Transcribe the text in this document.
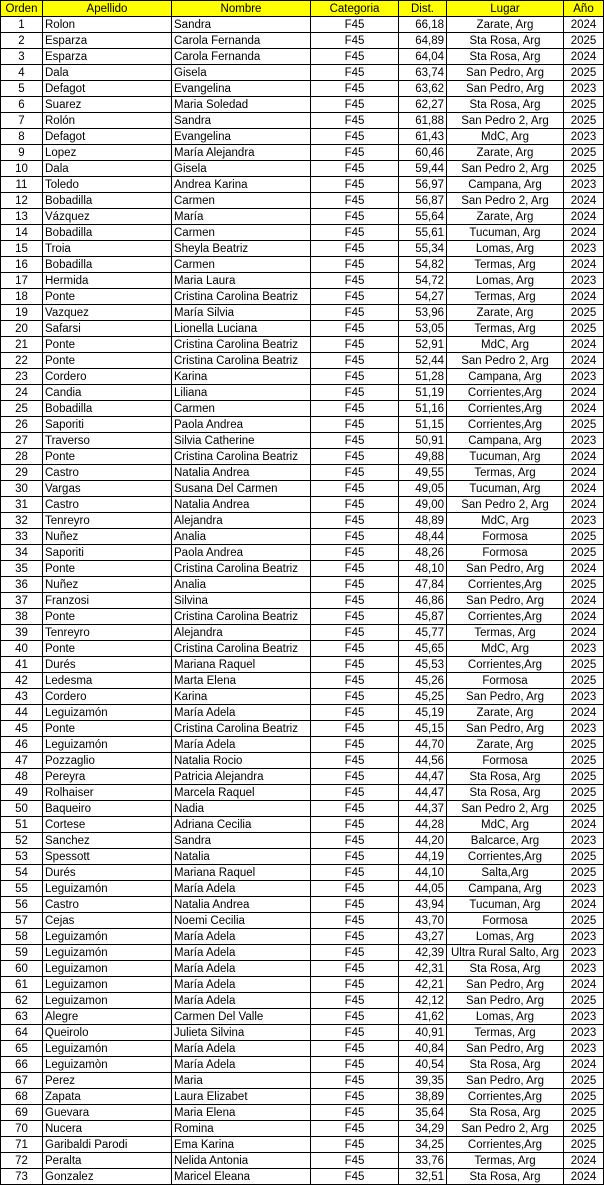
Orden	Apellido	Nombre	Categoria	Dist.	Lugar	Año
1	Rolon	Sandra	F45	66,18	Zarate, Arg	2024
2	Esparza	Carola Fernanda	F45	64,89	Sta Rosa, Arg	2025
3	Esparza	Carola Fernanda	F45	64,04	Sta Rosa, Arg	2024
4	Dala	Gisela	F45	63,74	San Pedro, Arg	2025
5	Defagot	Evangelina	F45	63,62	San Pedro, Arg	2023
6	Suarez	Maria Soledad	F45	62,27	Sta Rosa, Arg	2025
7	Rolón	Sandra	F45	61,88	San Pedro 2, Arg	2025
8	Defagot	Evangelina	F45	61,43	MdC, Arg	2023
9	Lopez	María Alejandra	F45	60,46	Zarate, Arg	2025
10	Dala	Gisela	F45	59,44	San Pedro 2, Arg	2025
11	Toledo	Andrea Karina	F45	56,97	Campana, Arg	2023
12	Bobadilla	Carmen	F45	56,87	San Pedro 2, Arg	2024
13	Vázquez	María	F45	55,64	Zarate, Arg	2024
14	Bobadilla	Carmen	F45	55,61	Tucuman, Arg	2024
15	Troia	Sheyla Beatriz	F45	55,34	Lomas, Arg	2023
16	Bobadilla	Carmen	F45	54,82	Termas, Arg	2024
17	Hermida	Maria Laura	F45	54,72	Lomas, Arg	2023
18	Ponte	Cristina Carolina Beatriz	F45	54,27	Termas, Arg	2024
19	Vazquez	María Silvia	F45	53,96	Zarate, Arg	2025
20	Safarsi	Lionella Luciana	F45	53,05	Termas, Arg	2025
21	Ponte	Cristina Carolina Beatriz	F45	52,91	MdC, Arg	2024
22	Ponte	Cristina Carolina Beatriz	F45	52,44	San Pedro 2, Arg	2024
23	Cordero	Karina	F45	51,28	Campana, Arg	2023
24	Candia	Liliana	F45	51,19	Corrientes,Arg	2024
25	Bobadilla	Carmen	F45	51,16	Corrientes,Arg	2024
26	Saporiti	Paola Andrea	F45	51,15	Corrientes,Arg	2025
27	Traverso	Silvia Catherine	F45	50,91	Campana, Arg	2023
28	Ponte	Cristina Carolina Beatriz	F45	49,88	Tucuman, Arg	2024
29	Castro	Natalia Andrea	F45	49,55	Termas, Arg	2024
30	Vargas	Susana Del Carmen	F45	49,05	Tucuman, Arg	2024
31	Castro	Natalia Andrea	F45	49,00	San Pedro 2, Arg	2024
32	Tenreyro	Alejandra	F45	48,89	MdC, Arg	2023
33	Nuñez	Analia	F45	48,44	Formosa	2025
34	Saporiti	Paola Andrea	F45	48,26	Formosa	2025
35	Ponte	Cristina Carolina Beatriz	F45	48,10	San Pedro, Arg	2024
36	Nuñez	Analia	F45	47,84	Corrientes,Arg	2025
37	Franzosi	Silvina	F45	46,86	San Pedro, Arg	2024
38	Ponte	Cristina Carolina Beatriz	F45	45,87	Corrientes,Arg	2024
39	Tenreyro	Alejandra	F45	45,77	Termas, Arg	2024
40	Ponte	Cristina Carolina Beatriz	F45	45,65	MdC, Arg	2023
41	Durés	Mariana Raquel	F45	45,53	Corrientes,Arg	2025
42	Ledesma	Marta Elena	F45	45,26	Formosa	2025
43	Cordero	Karina	F45	45,25	San Pedro, Arg	2023
44	Leguizamón	María Adela	F45	45,19	Zarate, Arg	2024
45	Ponte	Cristina Carolina Beatriz	F45	45,15	San Pedro, Arg	2023
46	Leguizamón	María Adela	F45	44,70	Zarate, Arg	2025
47	Pozzaglio	Natalia Rocio	F45	44,56	Formosa	2025
48	Pereyra	Patricia Alejandra	F45	44,47	Sta Rosa, Arg	2025
49	Rolhaiser	Marcela Raquel	F45	44,47	Sta Rosa, Arg	2025
50	Baqueiro	Nadia	F45	44,37	San Pedro 2, Arg	2025
51	Cortese	Adriana Cecilia	F45	44,28	MdC, Arg	2024
52	Sanchez	Sandra	F45	44,20	Balcarce, Arg	2023
53	Spessott	Natalia	F45	44,19	Corrientes,Arg	2025
54	Durés	Mariana Raquel	F45	44,10	Salta,Arg	2025
55	Leguizamón	María Adela	F45	44,05	Campana, Arg	2023
56	Castro	Natalia Andrea	F45	43,94	Tucuman, Arg	2024
57	Cejas	Noemi Cecilia	F45	43,70	Formosa	2025
58	Leguizamón	María Adela	F45	43,27	Lomas, Arg	2023
59	Leguizamón	María Adela	F45	42,39	Ultra Rural Salto, Arg	2023
60	Leguizamon	María Adela	F45	42,31	Sta Rosa, Arg	2023
61	Leguizamon	María Adela	F45	42,21	San Pedro, Arg	2024
62	Leguizamon	María Adela	F45	42,12	San Pedro, Arg	2025
63	Alegre	Carmen Del Valle	F45	41,62	Lomas, Arg	2023
64	Queirolo	Julieta Silvina	F45	40,91	Termas, Arg	2023
65	Leguizamón	María Adela	F45	40,84	San Pedro, Arg	2023
66	Leguizamòn	María Adela	F45	40,54	Sta Rosa, Arg	2024
67	Perez	Maria	F45	39,35	San Pedro, Arg	2025
68	Zapata	Laura Elizabet	F45	38,89	Corrientes,Arg	2025
69	Guevara	Maria Elena	F45	35,64	Sta Rosa, Arg	2025
70	Nucera	Romina	F45	34,29	San Pedro 2, Arg	2025
71	Garibaldi Parodi	Ema Karina	F45	34,25	Corrientes,Arg	2025
72	Peralta	Nelida Antonia	F45	33,76	Termas, Arg	2024
73	Gonzalez	Maricel Eleana	F45	32,51	Sta Rosa, Arg	2024
